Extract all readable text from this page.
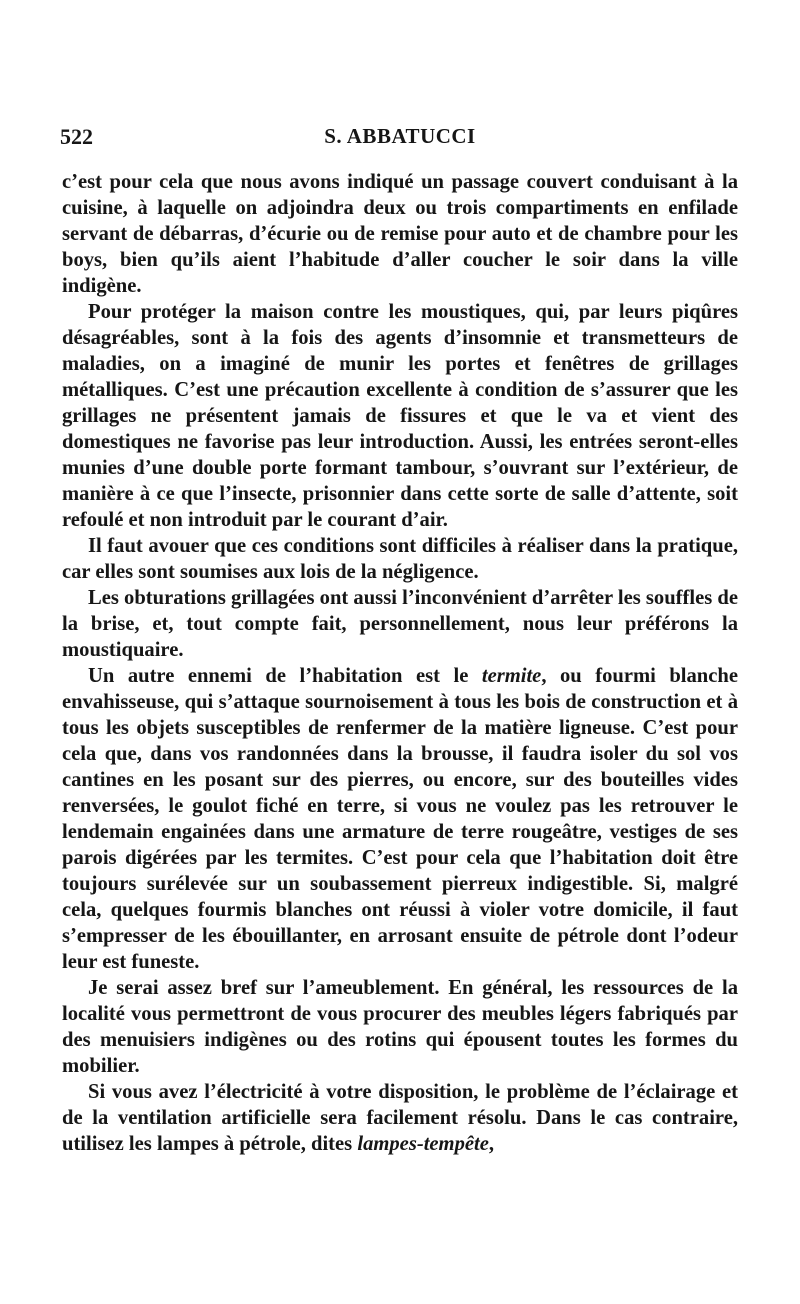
522	S. ABBATUCCI

c’est pour cela que nous avons indiqué un passage couvert conduisant à la cuisine, à laquelle on adjoindra deux ou trois compartiments en enfilade servant de débarras, d’écurie ou de remise pour auto et de chambre pour les boys, bien qu’ils aient l’habitude d’aller coucher le soir dans la ville indigène.

Pour protéger la maison contre les moustiques, qui, par leurs piqûres désagréables, sont à la fois des agents d’insomnie et transmetteurs de maladies, on a imaginé de munir les portes et fenêtres de grillages métalliques. C’est une précaution excellente à condition de s’assurer que les grillages ne présentent jamais de fissures et que le va et vient des domestiques ne favorise pas leur introduction. Aussi, les entrées seront-elles munies d’une double porte formant tambour, s’ouvrant sur l’extérieur, de manière à ce que l’insecte, prisonnier dans cette sorte de salle d’attente, soit refoulé et non introduit par le courant d’air.

Il faut avouer que ces conditions sont difficiles à réaliser dans la pratique, car elles sont soumises aux lois de la négligence.

Les obturations grillagées ont aussi l’inconvénient d’arrêter les souffles de la brise, et, tout compte fait, personnellement, nous leur préférons la moustiquaire.

Un autre ennemi de l’habitation est le termite, ou fourmi blanche envahisseuse, qui s’attaque sournoisement à tous les bois de construction et à tous les objets susceptibles de renfermer de la matière ligneuse. C’est pour cela que, dans vos randonnées dans la brousse, il faudra isoler du sol vos cantines en les posant sur des pierres, ou encore, sur des bouteilles vides renversées, le goulot fiché en terre, si vous ne voulez pas les retrouver le lendemain engainées dans une armature de terre rougeâtre, vestiges de ses parois digérées par les termites. C’est pour cela que l’habitation doit être toujours surélevée sur un soubassement pierreux indigestible. Si, malgré cela, quelques fourmis blanches ont réussi à violer votre domicile, il faut s’empresser de les ébouillanter, en arrosant ensuite de pétrole dont l’odeur leur est funeste.

Je serai assez bref sur l’ameublement. En général, les ressources de la localité vous permettront de vous procurer des meubles légers fabriqués par des menuisiers indigènes ou des rotins qui épousent toutes les formes du mobilier.

Si vous avez l’électricité à votre disposition, le problème de l’éclairage et de la ventilation artificielle sera facilement résolu. Dans le cas contraire, utilisez les lampes à pétrole, dites lampes-tempête,
